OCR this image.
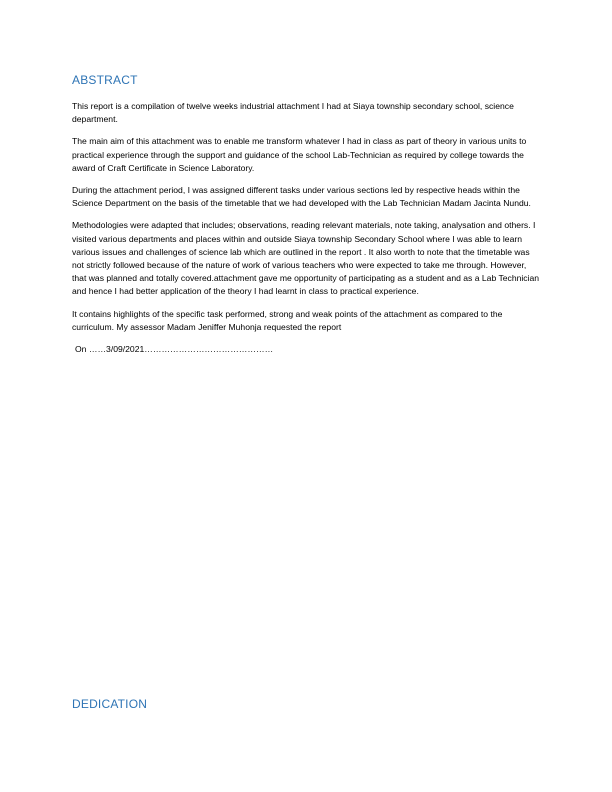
ABSTRACT

This report is a compilation of twelve weeks industrial attachment I had at Siaya township secondary school, science department.

The main aim of this attachment was to enable me transform whatever I had in class as part of theory in various units to practical experience through the support and guidance of the school Lab-Technician as required by college towards the award of Craft Certificate in Science Laboratory.

During the attachment period, I was assigned different tasks under various sections led by respective heads within the Science Department on the basis of the timetable that we had developed with the Lab Technician Madam Jacinta Nundu.

Methodologies were adapted that includes; observations, reading relevant materials, note taking, analysation and others. I visited various departments and places within and outside Siaya township Secondary School where I was able to learn various issues and challenges of science lab which are outlined in the report . It also worth to note that the timetable was not strictly followed because of the nature of work of various teachers who were expected to take me through. However, that was planned and totally covered.attachment gave me opportunity of participating as a student and as a Lab Technician and hence I had better application of the theory I had learnt in class to practical experience.

It contains highlights of the specific task performed, strong and weak points of the attachment as compared to the curriculum. My assessor Madam Jeniffer Muhonja requested the report

On ……3/09/2021………………………………………
DEDICATION
